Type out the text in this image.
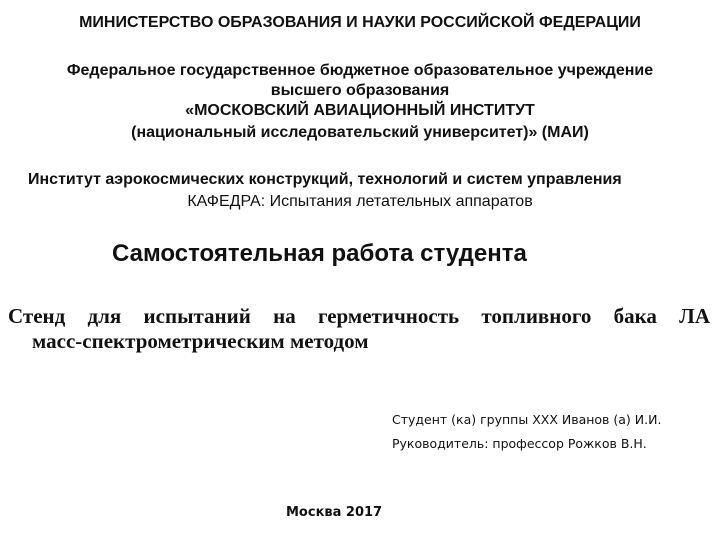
МИНИСТЕРСТВО ОБРАЗОВАНИЯ И НАУКИ РОССИЙСКОЙ ФЕДЕРАЦИИ
Федеральное государственное бюджетное образовательное учреждение
высшего образования
«МОСКОВСКИЙ АВИАЦИОННЫЙ ИНСТИТУТ
(национальный исследовательский университет)» (МАИ)
Институт аэрокосмических конструкций, технологий и систем управления
КАФЕДРА: Испытания летательных аппаратов
Самостоятельная работа студента
Стенд для испытаний на герметичность топливного бака ЛА
масс-спектрометрическим методом
Студент (ка) группы ХХХ Иванов (а) И.И.
Руководитель: профессор Рожков В.Н.
Москва 2017
